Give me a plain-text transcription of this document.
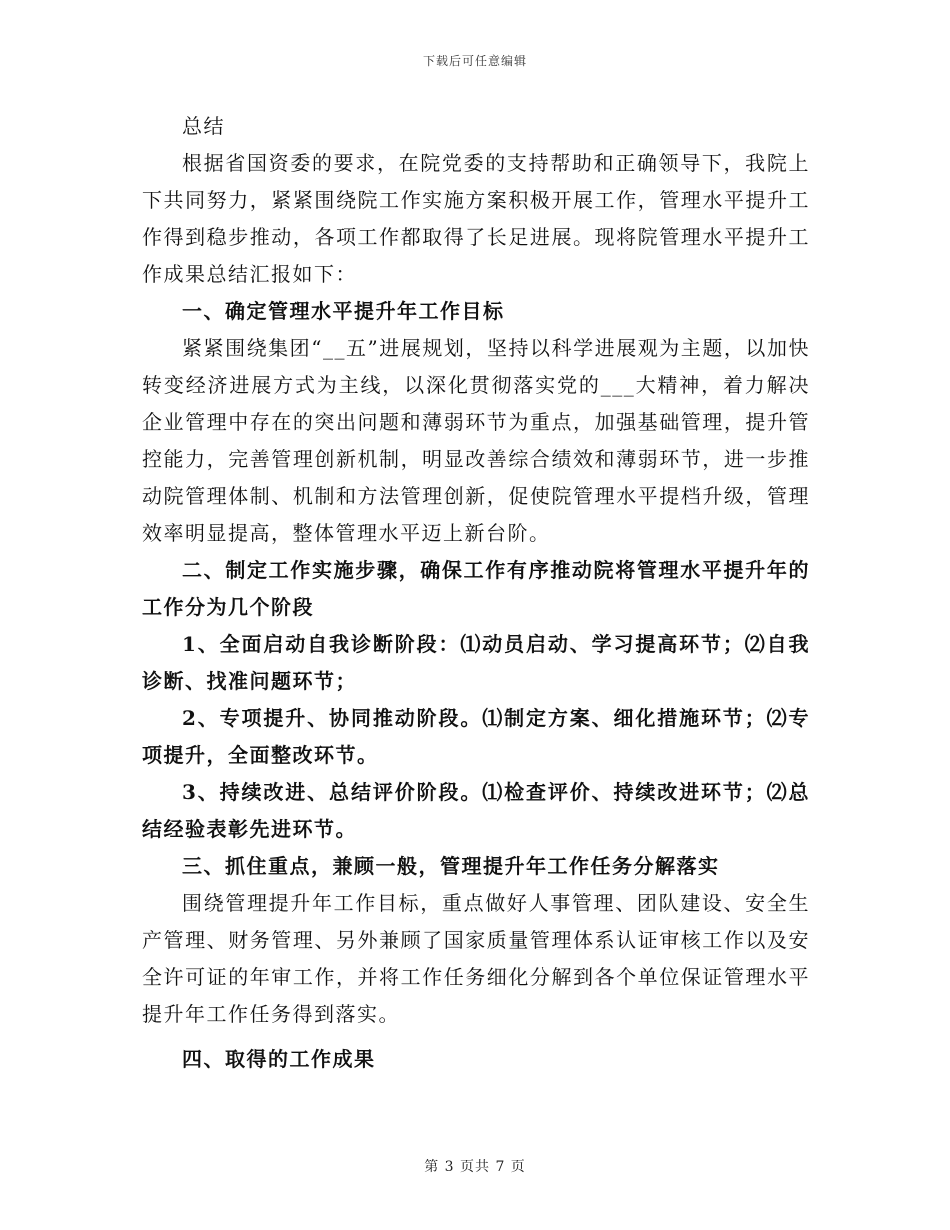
下载后可任意编辑

总结

根据省国资委的要求，在院党委的支持帮助和正确领导下，我院上下共同努力，紧紧围绕院工作实施方案积极开展工作，管理水平提升工作得到稳步推动，各项工作都取得了长足进展。现将院管理水平提升工作成果总结汇报如下：

一、确定管理水平提升年工作目标

紧紧围绕集团“__五”进展规划，坚持以科学进展观为主题，以加快转变经济进展方式为主线，以深化贯彻落实党的___大精神，着力解决企业管理中存在的突出问题和薄弱环节为重点，加强基础管理，提升管控能力，完善管理创新机制，明显改善综合绩效和薄弱环节，进一步推动院管理体制、机制和方法管理创新，促使院管理水平提档升级，管理效率明显提高，整体管理水平迈上新台阶。

二、制定工作实施步骤，确保工作有序推动院将管理水平提升年的工作分为几个阶段

1、全面启动自我诊断阶段：⑴动员启动、学习提高环节；⑵自我诊断、找准问题环节；

2、专项提升、协同推动阶段。⑴制定方案、细化措施环节；⑵专项提升，全面整改环节。

3、持续改进、总结评价阶段。⑴检查评价、持续改进环节；⑵总结经验表彰先进环节。

三、抓住重点，兼顾一般，管理提升年工作任务分解落实

围绕管理提升年工作目标，重点做好人事管理、团队建设、安全生产管理、财务管理、另外兼顾了国家质量管理体系认证审核工作以及安全许可证的年审工作，并将工作任务细化分解到各个单位保证管理水平提升年工作任务得到落实。

四、取得的工作成果

第 3 页共 7 页
